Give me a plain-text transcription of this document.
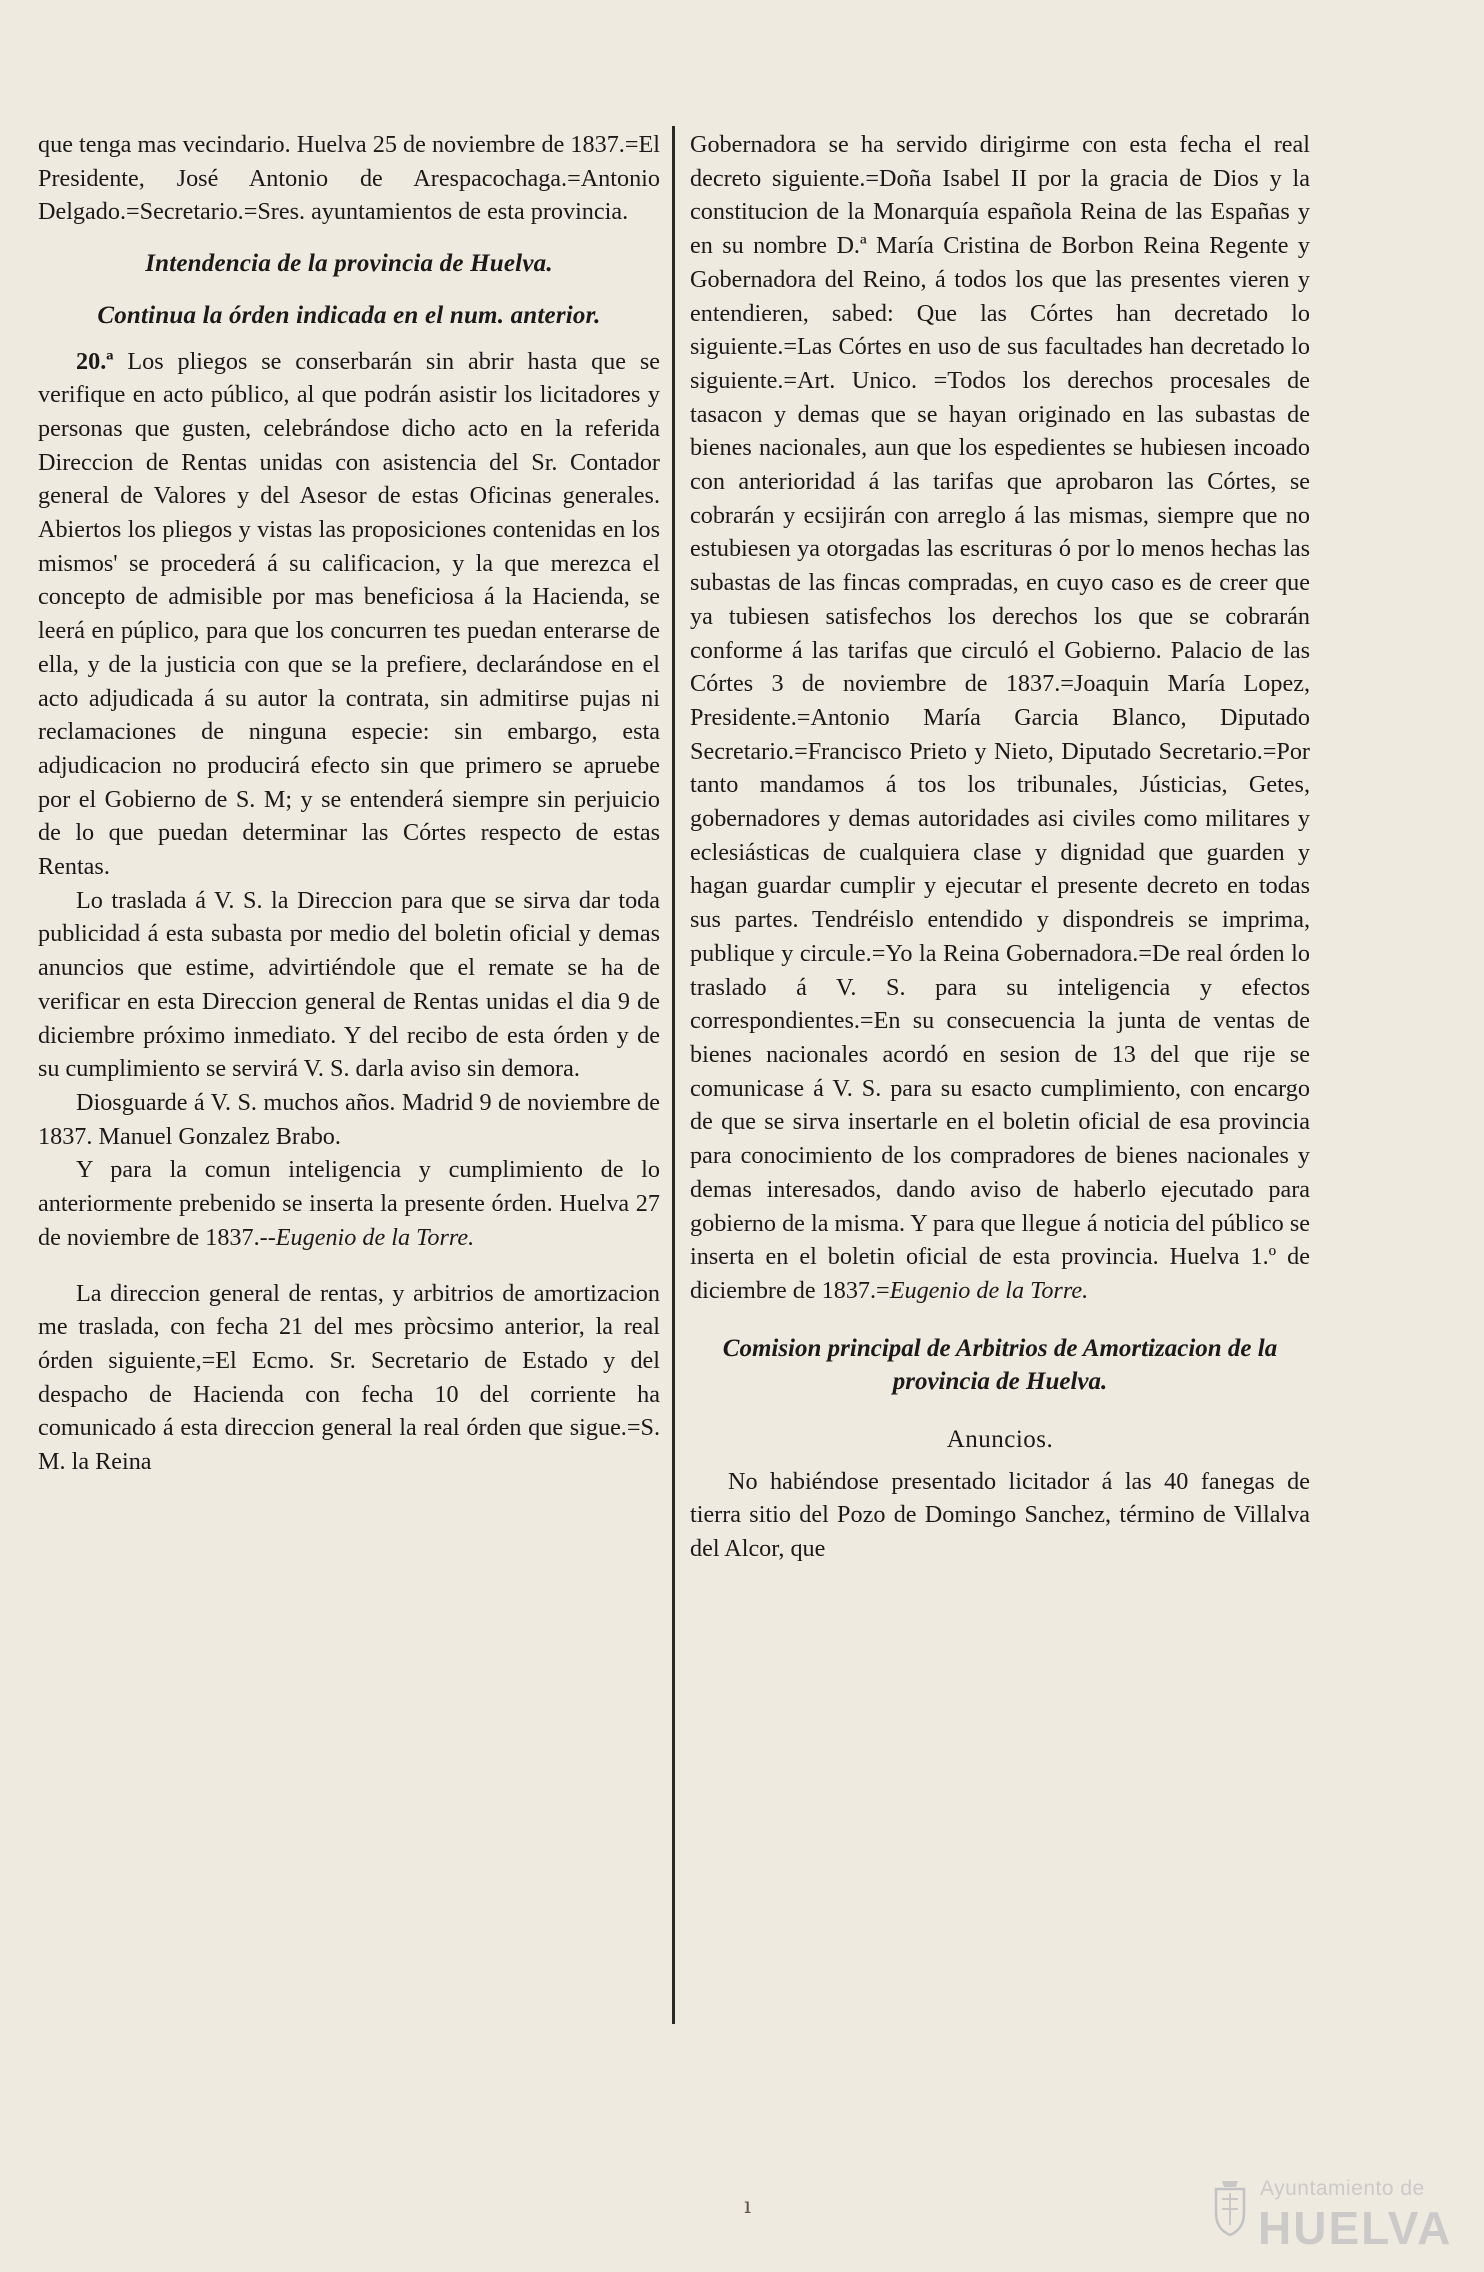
que tenga mas vecindario. Huelva 25 de noviembre de 1837.=El Presidente, José Antonio de Arespacochaga.=Antonio Delgado.=Secretario.=Sres. ayuntamientos de esta provincia.

Intendencia de la provincia de Huelva.
Continua la órden indicada en el num. anterior.

20.ª Los pliegos se conserbarán sin abrir hasta que se verifique en acto público, al que podrán asistir los licitadores y personas que gusten, celebrándose dicho acto en la referida Direccion de Rentas unidas con asistencia del Sr. Contador general de Valores y del Asesor de estas Oficinas generales. Abiertos los pliegos y vistas las proposiciones contenidas en los mismos' se procederá á su calificacion, y la que merezca el concepto de admisible por mas beneficiosa á la Hacienda, se leerá en púplico, para que los concurren tes puedan enterarse de ella, y de la justicia con que se la prefiere, declarándose en el acto adjudicada á su autor la contrata, sin admitirse pujas ni reclamaciones de ninguna especie: sin embargo, esta adjudicacion no producirá efecto sin que primero se apruebe por el Gobierno de S. M; y se entenderá siempre sin perjuicio de lo que puedan determinar las Córtes respecto de estas Rentas.

Lo traslada á V. S. la Direccion para que se sirva dar toda publicidad á esta subasta por medio del boletin oficial y demas anuncios que estime, advirtiéndole que el remate se ha de verificar en esta Direccion general de Rentas unidas el dia 9 de diciembre próximo inmediato. Y del recibo de esta órden y de su cumplimiento se servirá V. S. darla aviso sin demora.

Diosguarde á V. S. muchos años. Madrid 9 de noviembre de 1837. Manuel Gonzalez Brabo.

Y para la comun inteligencia y cumplimiento de lo anteriormente prebenido se inserta la presente órden. Huelva 27 de noviembre de 1837.--Eugenio de la Torre.

La direccion general de rentas, y arbitrios de amortizacion me traslada, con fecha 21 del mes pròcsimo anterior, la real órden siguiente,=El Ecmo. Sr. Secretario de Estado y del despacho de Hacienda con fecha 10 del corriente ha comunicado á esta direccion general la real órden que sigue.=S. M. la Reina

Gobernadora se ha servido dirigirme con esta fecha el real decreto siguiente.=Doña Isabel II por la gracia de Dios y la constitucion de la Monarquía española Reina de las Españas y en su nombre D.ª María Cristina de Borbon Reina Regente y Gobernadora del Reino, á todos los que las presentes vieren y entendieren, sabed: Que las Córtes han decretado lo siguiente.=Las Córtes en uso de sus facultades han decretado lo siguiente.=Art. Unico. =Todos los derechos procesales de tasacon y demas que se hayan originado en las subastas de bienes nacionales, aun que los espedientes se hubiesen incoado con anterioridad á las tarifas que aprobaron las Córtes, se cobrarán y ecsijirán con arreglo á las mismas, siempre que no estubiesen ya otorgadas las escrituras ó por lo menos hechas las subastas de las fincas compradas, en cuyo caso es de creer que ya tubiesen satisfechos los derechos los que se cobrarán conforme á las tarifas que circuló el Gobierno. Palacio de las Córtes 3 de noviembre de 1837.=Joaquin María Lopez, Presidente.=Antonio María Garcia Blanco, Diputado Secretario.=Francisco Prieto y Nieto, Diputado Secretario.=Por tanto mandamos á tos los tribunales, Jústicias, Getes, gobernadores y demas autoridades asi civiles como militares y eclesiásticas de cualquiera clase y dignidad que guarden y hagan guardar cumplir y ejecutar el presente decreto en todas sus partes. Tendréislo entendido y dispondreis se imprima, publique y circule.=Yo la Reina Gobernadora.=De real órden lo traslado á V. S. para su inteligencia y efectos correspondientes.=En su consecuencia la junta de ventas de bienes nacionales acordó en sesion de 13 del que rije se comunicase á V. S. para su esacto cumplimiento, con encargo de que se sirva insertarle en el boletin oficial de esa provincia para conocimiento de los compradores de bienes nacionales y demas interesados, dando aviso de haberlo ejecutado para gobierno de la misma. Y para que llegue á noticia del público se inserta en el boletin oficial de esta provincia. Huelva 1.º de diciembre de 1837.=Eugenio de la Torre.

Comision principal de Arbitrios de Amortizacion de la provincia de Huelva.
Anuncios.

No habiéndose presentado licitador á las 40 fanegas de tierra sitio del Pozo de Domingo Sanchez, término de Villalva del Alcor, que

ı
Ayuntamiento de
HUELVA
